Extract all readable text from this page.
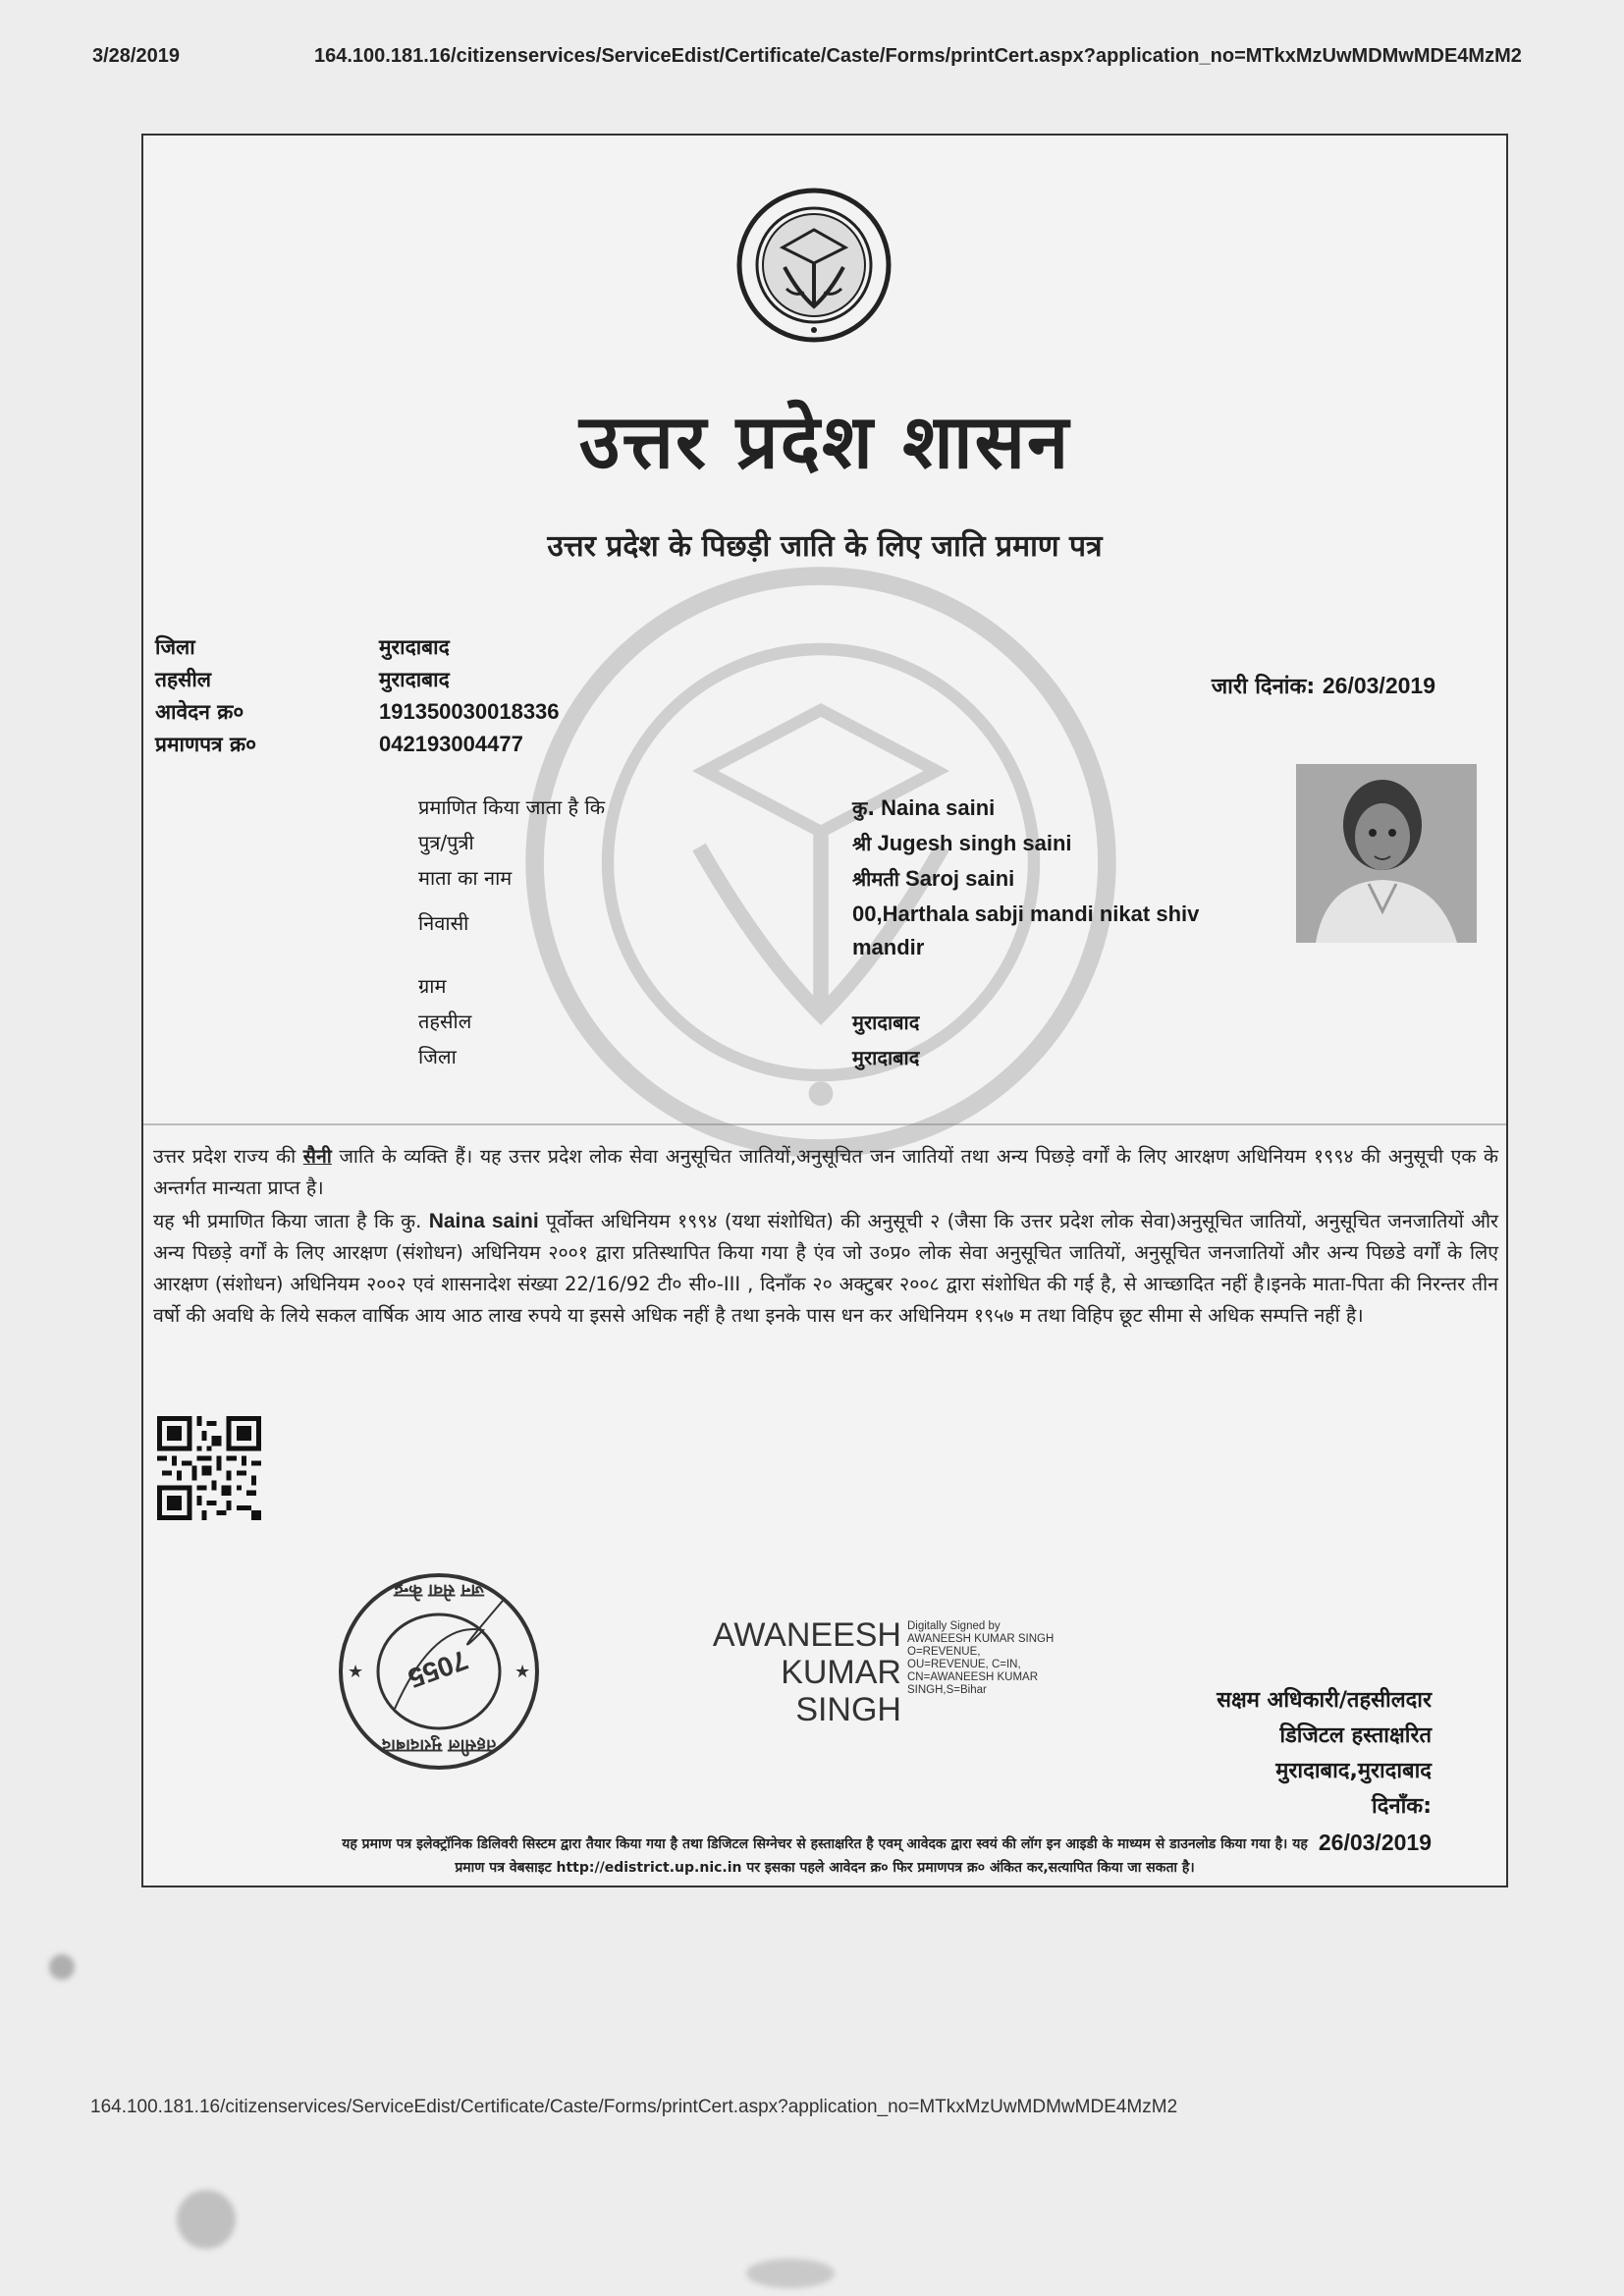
3/28/2019	164.100.181.16/citizenservices/ServiceEdist/Certificate/Caste/Forms/printCert.aspx?application_no=MTkxMzUwMDMwMDE4MzM2
उत्तर प्रदेश शासन
उत्तर प्रदेश के पिछड़ी जाति के लिए जाति प्रमाण पत्र
जिला	मुरादाबाद
तहसील	मुरादाबाद
आवेदन क्र०	191350030018336
प्रमाणपत्र क्र०	042193004477
जारी दिनांक: 26/03/2019
प्रमाणित किया जाता है कि	कु. Naina saini
पुत्र/पुत्री	श्री Jugesh singh saini
माता का नाम	श्रीमती Saroj saini
निवासी	00,Harthala sabji mandi nikat shiv mandir
ग्राम
तहसील	मुरादाबाद
जिला	मुरादाबाद
उत्तर प्रदेश राज्य की सैनी जाति के व्यक्ति हैं। यह उत्तर प्रदेश लोक सेवा अनुसूचित जातियों,अनुसूचित जन जातियों तथा अन्य पिछड़े वर्गों के लिए आरक्षण अधिनियम १९९४ की अनुसूची एक के अन्तर्गत मान्यता प्राप्त है।
यह भी प्रमाणित किया जाता है कि कु. Naina saini पूर्वोक्त अधिनियम १९९४ (यथा संशोधित) की अनुसूची २ (जैसा कि उत्तर प्रदेश लोक सेवा)अनुसूचित जातियों, अनुसूचित जनजातियों और अन्य पिछड़े वर्गों के लिए आरक्षण (संशोधन) अधिनियम २००१ द्वारा प्रतिस्थापित किया गया है एंव जो उ०प्र० लोक सेवा अनुसूचित जातियों, अनुसूचित जनजातियों और अन्य पिछडे वर्गों के लिए आरक्षण (संशोधन) अधिनियम २००२ एवं शासनादेश संख्या 22/16/92 टी० सी०-III , दिनाँक २० अक्टुबर २००८ द्वारा संशोधित की गई है, से आच्छादित नहीं है।इनके माता-पिता की निरन्तर तीन वर्षो की अवधि के लिये सकल वार्षिक आय आठ लाख रुपये या इससे अधिक नहीं है तथा इनके पास धन कर अधिनियम १९५७ म तथा विहिप छूट सीमा से अधिक सम्पत्ति नहीं है।
तहसील मुरादाबाद
7055
जन सेवा केन्द्र
★	★
AWANEESH
KUMAR
SINGH
Digitally Signed by
AWANEESH KUMAR SINGH
O=REVENUE,
OU=REVENUE, C=IN,
CN=AWANEESH KUMAR
SINGH,S=Bihar	सक्षम अधिकारी/तहसीलदार
डिजिटल हस्ताक्षरित
मुरादाबाद,मुरादाबाद
दिनाँक:
26/03/2019
यह प्रमाण पत्र इलेक्ट्रॉनिक डिलिवरी सिस्टम द्वारा तैयार किया गया है तथा डिजिटल सिग्नेचर से हस्ताक्षरित है एवम् आवेदक द्वारा स्वयं की लॉग इन आइडी के माध्यम से डाउनलोड किया गया है। यह
प्रमाण पत्र वेबसाइट http://edistrict.up.nic.in पर इसका पहले आवेदन क्र० फिर प्रमाणपत्र क्र० अंकित कर,सत्यापित किया जा सकता है।
164.100.181.16/citizenservices/ServiceEdist/Certificate/Caste/Forms/printCert.aspx?application_no=MTkxMzUwMDMwMDE4MzM2
